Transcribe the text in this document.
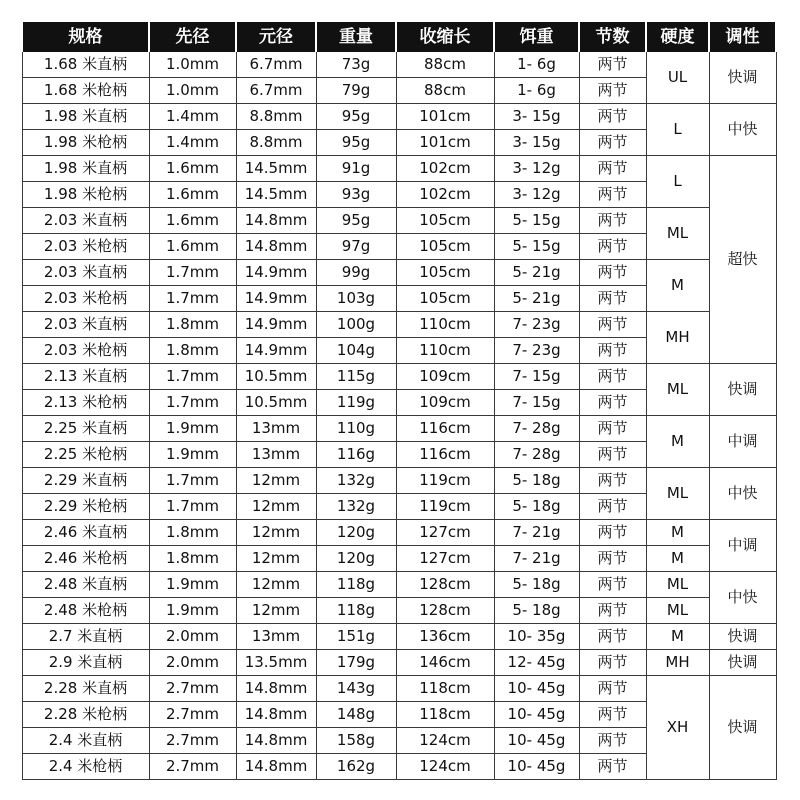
规格	先径	元径	重量	收缩长	饵重	节数	硬度	调性
1.68 米直柄	1.0mm	6.7mm	73g	88cm	1- 6g	两节	UL	快调
1.68 米枪柄	1.0mm	6.7mm	79g	88cm	1- 6g	两节		
1.98 米直柄	1.4mm	8.8mm	95g	101cm	3- 15g	两节	L	中快
1.98 米枪柄	1.4mm	8.8mm	95g	101cm	3- 15g	两节		
1.98 米直柄	1.6mm	14.5mm	91g	102cm	3- 12g	两节	L	超快
1.98 米枪柄	1.6mm	14.5mm	93g	102cm	3- 12g	两节		
2.03 米直柄	1.6mm	14.8mm	95g	105cm	5- 15g	两节	ML	
2.03 米枪柄	1.6mm	14.8mm	97g	105cm	5- 15g	两节		
2.03 米直柄	1.7mm	14.9mm	99g	105cm	5- 21g	两节	M	
2.03 米枪柄	1.7mm	14.9mm	103g	105cm	5- 21g	两节		
2.03 米直柄	1.8mm	14.9mm	100g	110cm	7- 23g	两节	MH	
2.03 米枪柄	1.8mm	14.9mm	104g	110cm	7- 23g	两节		
2.13 米直柄	1.7mm	10.5mm	115g	109cm	7- 15g	两节	ML	快调
2.13 米枪柄	1.7mm	10.5mm	119g	109cm	7- 15g	两节		
2.25 米直柄	1.9mm	13mm	110g	116cm	7- 28g	两节	M	中调
2.25 米枪柄	1.9mm	13mm	116g	116cm	7- 28g	两节		
2.29 米直柄	1.7mm	12mm	132g	119cm	5- 18g	两节	ML	中快
2.29 米枪柄	1.7mm	12mm	132g	119cm	5- 18g	两节		
2.46 米直柄	1.8mm	12mm	120g	127cm	7- 21g	两节	M	中调
2.46 米枪柄	1.8mm	12mm	120g	127cm	7- 21g	两节	M	
2.48 米直柄	1.9mm	12mm	118g	128cm	5- 18g	两节	ML	中快
2.48 米枪柄	1.9mm	12mm	118g	128cm	5- 18g	两节	ML	
2.7 米直柄	2.0mm	13mm	151g	136cm	10- 35g	两节	M	快调
2.9 米直柄	2.0mm	13.5mm	179g	146cm	12- 45g	两节	MH	快调
2.28 米直柄	2.7mm	14.8mm	143g	118cm	10- 45g	两节	XH	快调
2.28 米枪柄	2.7mm	14.8mm	148g	118cm	10- 45g	两节		
2.4 米直柄	2.7mm	14.8mm	158g	124cm	10- 45g	两节		
2.4 米枪柄	2.7mm	14.8mm	162g	124cm	10- 45g	两节		
